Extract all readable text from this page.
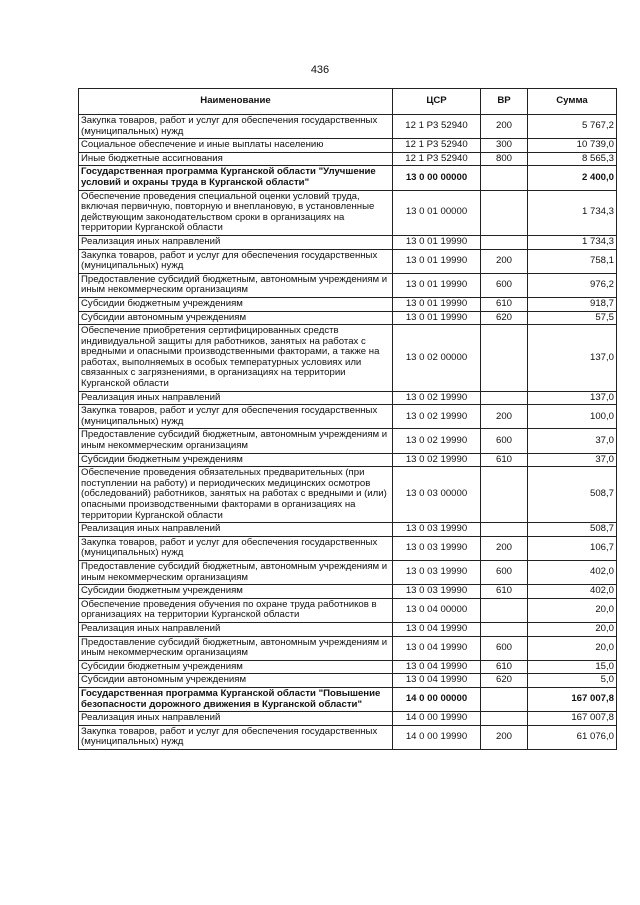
436
Наименование	ЦСР	ВР	Сумма
Закупка товаров, работ и услуг для обеспечения государственных (муниципальных) нужд	12 1 Р3 52940	200	5 767,2
Социальное обеспечение и иные выплаты населению	12 1 Р3 52940	300	10 739,0
Иные бюджетные ассигнования	12 1 Р3 52940	800	8 565,3
Государственная программа Курганской области "Улучшение условий и охраны труда в Курганской области"	13 0 00 00000		2 400,0
Обеспечение проведения специальной оценки условий труда, включая первичную, повторную и внеплановую, в установленные действующим законодательством сроки в организациях на территории Курганской области	13 0 01 00000		1 734,3
Реализация иных направлений	13 0 01 19990		1 734,3
Закупка товаров, работ и услуг для обеспечения государственных (муниципальных) нужд	13 0 01 19990	200	758,1
Предоставление субсидий бюджетным, автономным учреждениям и иным некоммерческим организациям	13 0 01 19990	600	976,2
Субсидии бюджетным учреждениям	13 0 01 19990	610	918,7
Субсидии автономным учреждениям	13 0 01 19990	620	57,5
Обеспечение приобретения сертифицированных средств индивидуальной защиты для работников, занятых на работах с вредными и опасными производственными факторами, а также на работах, выполняемых в особых температурных условиях или связанных с загрязнениями, в организациях на территории Курганской области	13 0 02 00000		137,0
Реализация иных направлений	13 0 02 19990		137,0
Закупка товаров, работ и услуг для обеспечения государственных (муниципальных) нужд	13 0 02 19990	200	100,0
Предоставление субсидий бюджетным, автономным учреждениям и иным некоммерческим организациям	13 0 02 19990	600	37,0
Субсидии бюджетным учреждениям	13 0 02 19990	610	37,0
Обеспечение проведения обязательных предварительных (при поступлении на работу) и периодических медицинских осмотров (обследований) работников, занятых на работах с вредными и (или) опасными производственными факторами в организациях на территории Курганской области	13 0 03 00000		508,7
Реализация иных направлений	13 0 03 19990		508,7
Закупка товаров, работ и услуг для обеспечения государственных (муниципальных) нужд	13 0 03 19990	200	106,7
Предоставление субсидий бюджетным, автономным учреждениям и иным некоммерческим организациям	13 0 03 19990	600	402,0
Субсидии бюджетным учреждениям	13 0 03 19990	610	402,0
Обеспечение проведения обучения по охране труда работников в организациях на территории Курганской области	13 0 04 00000		20,0
Реализация иных направлений	13 0 04 19990		20,0
Предоставление субсидий бюджетным, автономным учреждениям и иным некоммерческим организациям	13 0 04 19990	600	20,0
Субсидии бюджетным учреждениям	13 0 04 19990	610	15,0
Субсидии автономным учреждениям	13 0 04 19990	620	5,0
Государственная программа Курганской области "Повышение безопасности дорожного движения в Курганской области"	14 0 00 00000		167 007,8
Реализация иных направлений	14 0 00 19990		167 007,8
Закупка товаров, работ и услуг для обеспечения государственных (муниципальных) нужд	14 0 00 19990	200	61 076,0
